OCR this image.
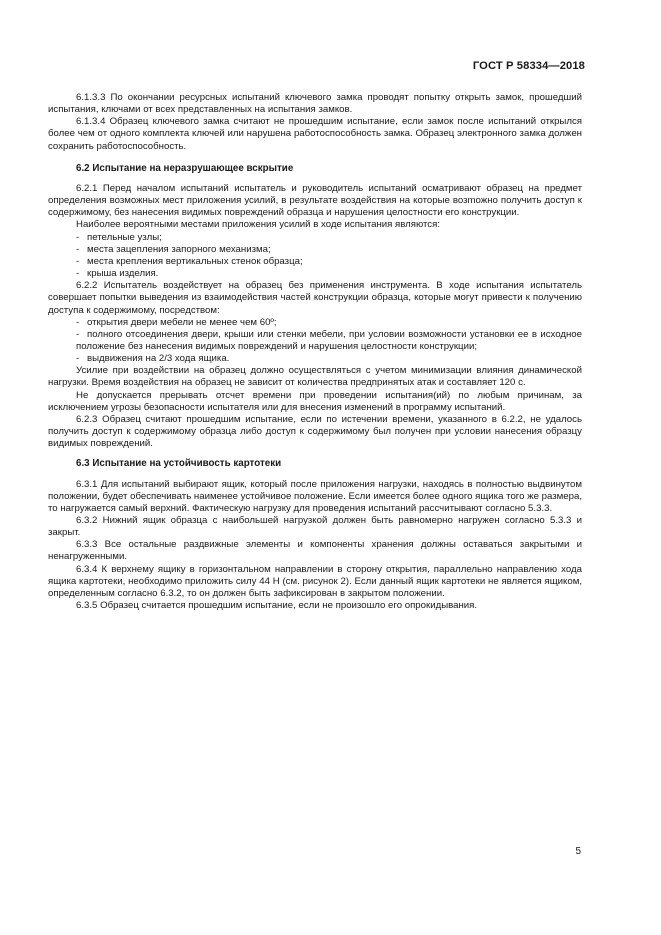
ГОСТ Р 58334—2018

6.1.3.3 По окончании ресурсных испытаний ключевого замка проводят попытку открыть замок, прошедший испытания, ключами от всех представленных на испытания замков.

6.1.3.4 Образец ключевого замка считают не прошедшим испытание, если замок после испытаний открылся более чем от одного комплекта ключей или нарушена работоспособность замка. Образец электронного замка должен сохранить работоспособность.

6.2 Испытание на неразрушающее вскрытие

6.2.1 Перед началом испытаний испытатель и руководитель испытаний осматривают образец на предмет определения возможных мест приложения усилий, в результате воздействия на которые возmожно получить доступ к содержимому, без нанесения видимых повреждений образца и нарушения целостности его конструкции.

Наиболее вероятными местами приложения усилий в ходе испытания являются:

- петельные узлы;
- места зацепления запорного механизма;
- места крепления вертикальных стенок образца;
- крыша изделия.

6.2.2 Испытатель воздействует на образец без применения инструмента. В ходе испытания испытатель совершает попытки выведения из взаимодействия частей конструкции образца, которые могут привести к получению доступа к содержимому, посредством:

- открытия двери мебели не менее чем 60º;
- полного отсоединения двери, крыши или стенки мебели, при условии возможности установки ее в исходное положение без нанесения видимых повреждений и нарушения целостности конструкции;
- выдвижения на 2/3 хода ящика.

Усилие при воздействии на образец должно осуществляться с учетом минимизации влияния динамической нагрузки. Время воздействия на образец не зависит от количества предпринятых атак и составляет 120 с.

Не допускается прерывать отсчет времени при проведении испытания(ий) по любым причинам, за исключением угрозы безопасности испытателя или для внесения изменений в программу испытаний.

6.2.3 Образец считают прошедшим испытание, если по истечении времени, указанного в 6.2.2, не удалось получить доступ к содержимому образца либо доступ к содержимому был получен при условии нанесения образцу видимых повреждений.

6.3 Испытание на устойчивость картотеки

6.3.1 Для испытаний выбирают ящик, который после приложения нагрузки, находясь в полностью выдвинутом положении, будет обеспечивать наименее устойчивое положение. Если имеется более одного ящика того же размера, то нагружается самый верхний. Фактическую нагрузку для проведения испытаний рассчитывают согласно 5.3.3.

6.3.2 Нижний ящик образца с наибольшей нагрузкой должен быть равномерно нагружен согласно 5.3.3 и закрыт.

6.3.3 Все остальные раздвижные элементы и компоненты хранения должны оставаться закрытыми и ненагруженными.

6.3.4 К верхнему ящику в горизонтальном направлении в сторону открытия, параллельно направлению хода ящика картотеки, необходимо приложить силу 44 Н (см. рисунок 2). Если данный ящик картотеки не является ящиком, определенным согласно 6.3.2, то он должен быть зафиксирован в закрытом положении.

6.3.5 Образец считается прошедшим испытание, если не произошло его опрокидывания.

5
